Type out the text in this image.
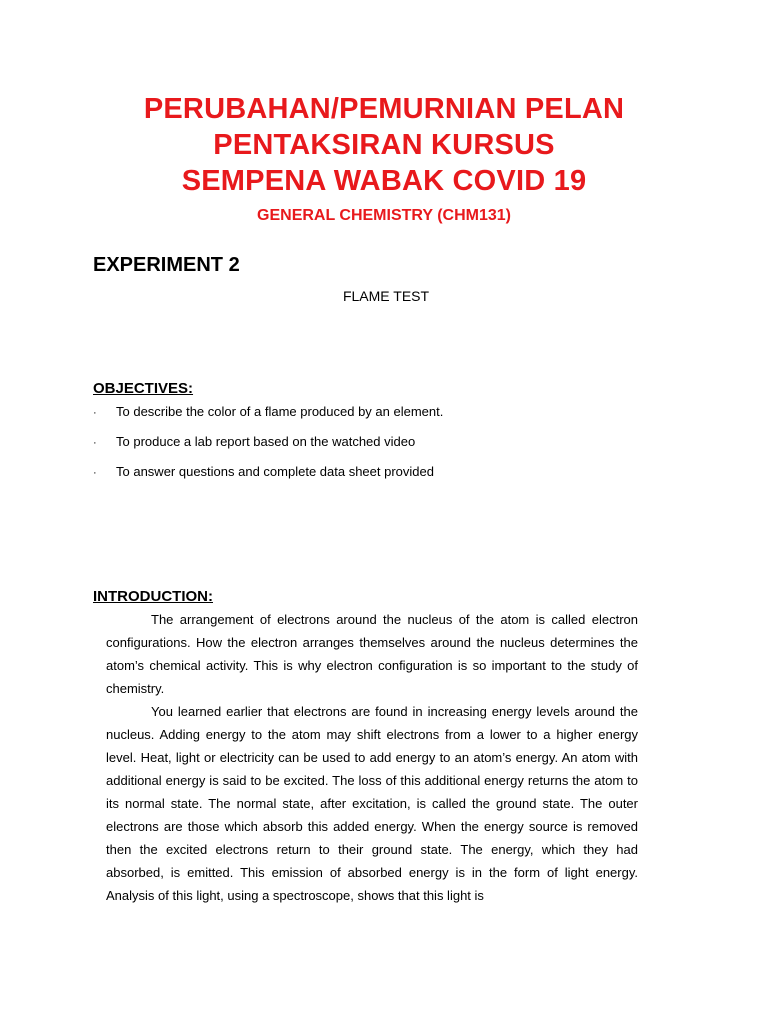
PERUBAHAN/PEMURNIAN PELAN
PENTAKSIRAN KURSUS
SEMPENA WABAK COVID 19
GENERAL CHEMISTRY (CHM131)
EXPERIMENT 2
FLAME TEST
OBJECTIVES:
· To describe the color of a flame produced by an element.
· To produce a lab report based on the watched video
· To answer questions and complete data sheet provided
INTRODUCTION:

The arrangement of electrons around the nucleus of the atom is called electron configurations. How the electron arranges themselves around the nucleus determines the atom’s chemical activity. This is why electron configuration is so important to the study of chemistry.

You learned earlier that electrons are found in increasing energy levels around the nucleus. Adding energy to the atom may shift electrons from a lower to a higher energy level. Heat, light or electricity can be used to add energy to an atom’s energy. An atom with additional energy is said to be excited. The loss of this additional energy returns the atom to its normal state. The normal state, after excitation, is called the ground state. The outer electrons are those which absorb this added energy. When the energy source is removed then the excited electrons return to their ground state. The energy, which they had absorbed, is emitted. This emission of absorbed energy is in the form of light energy. Analysis of this light, using a spectroscope, shows that this light is
